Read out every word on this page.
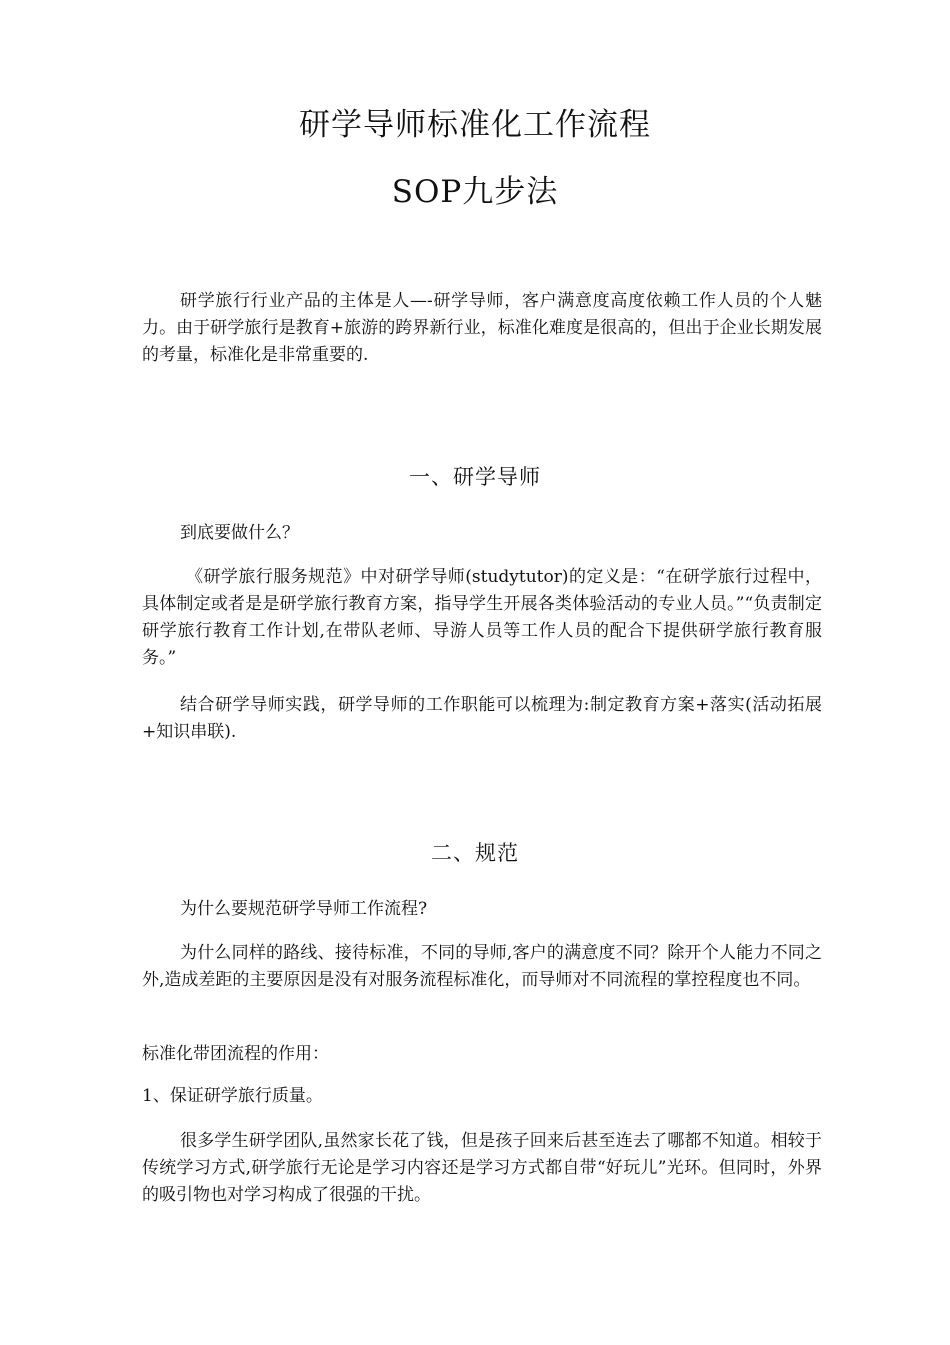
研学导师标准化工作流程
SOP九步法

研学旅行行业产品的主体是人—-研学导师，客户满意度高度依赖工作人员的个人魅力。由于研学旅行是教育+旅游的跨界新行业，标准化难度是很高的，但出于企业长期发展的考量，标准化是非常重要的.

一、研学导师

到底要做什么？

《研学旅行服务规范》中对研学导师(studytutor)的定义是：“在研学旅行过程中，具体制定或者是是研学旅行教育方案，指导学生开展各类体验活动的专业人员。”“负责制定研学旅行教育工作计划,在带队老师、导游人员等工作人员的配合下提供研学旅行教育服务。”

结合研学导师实践，研学导师的工作职能可以梳理为:制定教育方案+落实(活动拓展+知识串联).

二、规范

为什么要规范研学导师工作流程?

为什么同样的路线、接待标准，不同的导师,客户的满意度不同？除开个人能力不同之外,造成差距的主要原因是没有对服务流程标准化，而导师对不同流程的掌控程度也不同。

标准化带团流程的作用：

1、保证研学旅行质量。

很多学生研学团队,虽然家长花了钱，但是孩子回来后甚至连去了哪都不知道。相较于传统学习方式,研学旅行无论是学习内容还是学习方式都自带“好玩儿”光环。但同时，外界的吸引物也对学习构成了很强的干扰。
